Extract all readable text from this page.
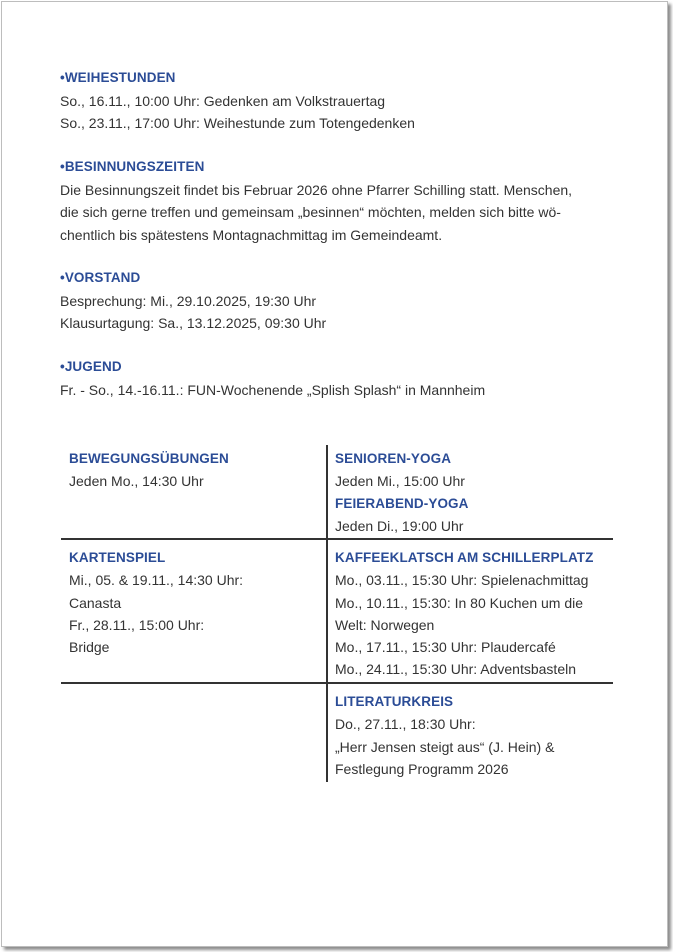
•WEIHESTUNDEN
So., 16.11., 10:00 Uhr: Gedenken am Volkstrauertag
So., 23.11., 17:00 Uhr: Weihestunde zum Totengedenken
•BESINNUNGSZEITEN
Die Besinnungszeit findet bis Februar 2026 ohne Pfarrer Schilling statt. Menschen,
die sich gerne treffen und gemeinsam „besinnen“ möchten, melden sich bitte wö-
chentlich bis spätestens Montagnachmittag im Gemeindeamt.
•VORSTAND
Besprechung: Mi., 29.10.2025, 19:30 Uhr
Klausurtagung: Sa., 13.12.2025, 09:30 Uhr
•JUGEND
Fr. - So., 14.-16.11.: FUN-Wochenende „Splish Splash“ in Mannheim
BEWEGUNGSÜBUNGEN
Jeden Mo., 14:30 Uhr
SENIOREN-YOGA
Jeden Mi., 15:00 Uhr
FEIERABEND-YOGA
Jeden Di., 19:00 Uhr
KARTENSPIEL
Mi., 05. & 19.11., 14:30 Uhr:
Canasta
Fr., 28.11., 15:00 Uhr:
Bridge
KAFFEEKLATSCH AM SCHILLERPLATZ
Mo., 03.11., 15:30 Uhr: Spielenachmittag
Mo., 10.11., 15:30: In 80 Kuchen um die
Welt: Norwegen
Mo., 17.11., 15:30 Uhr: Plaudercafé
Mo., 24.11., 15:30 Uhr: Adventsbasteln
LITERATURKREIS
Do., 27.11., 18:30 Uhr:
„Herr Jensen steigt aus“ (J. Hein) &
Festlegung Programm 2026
